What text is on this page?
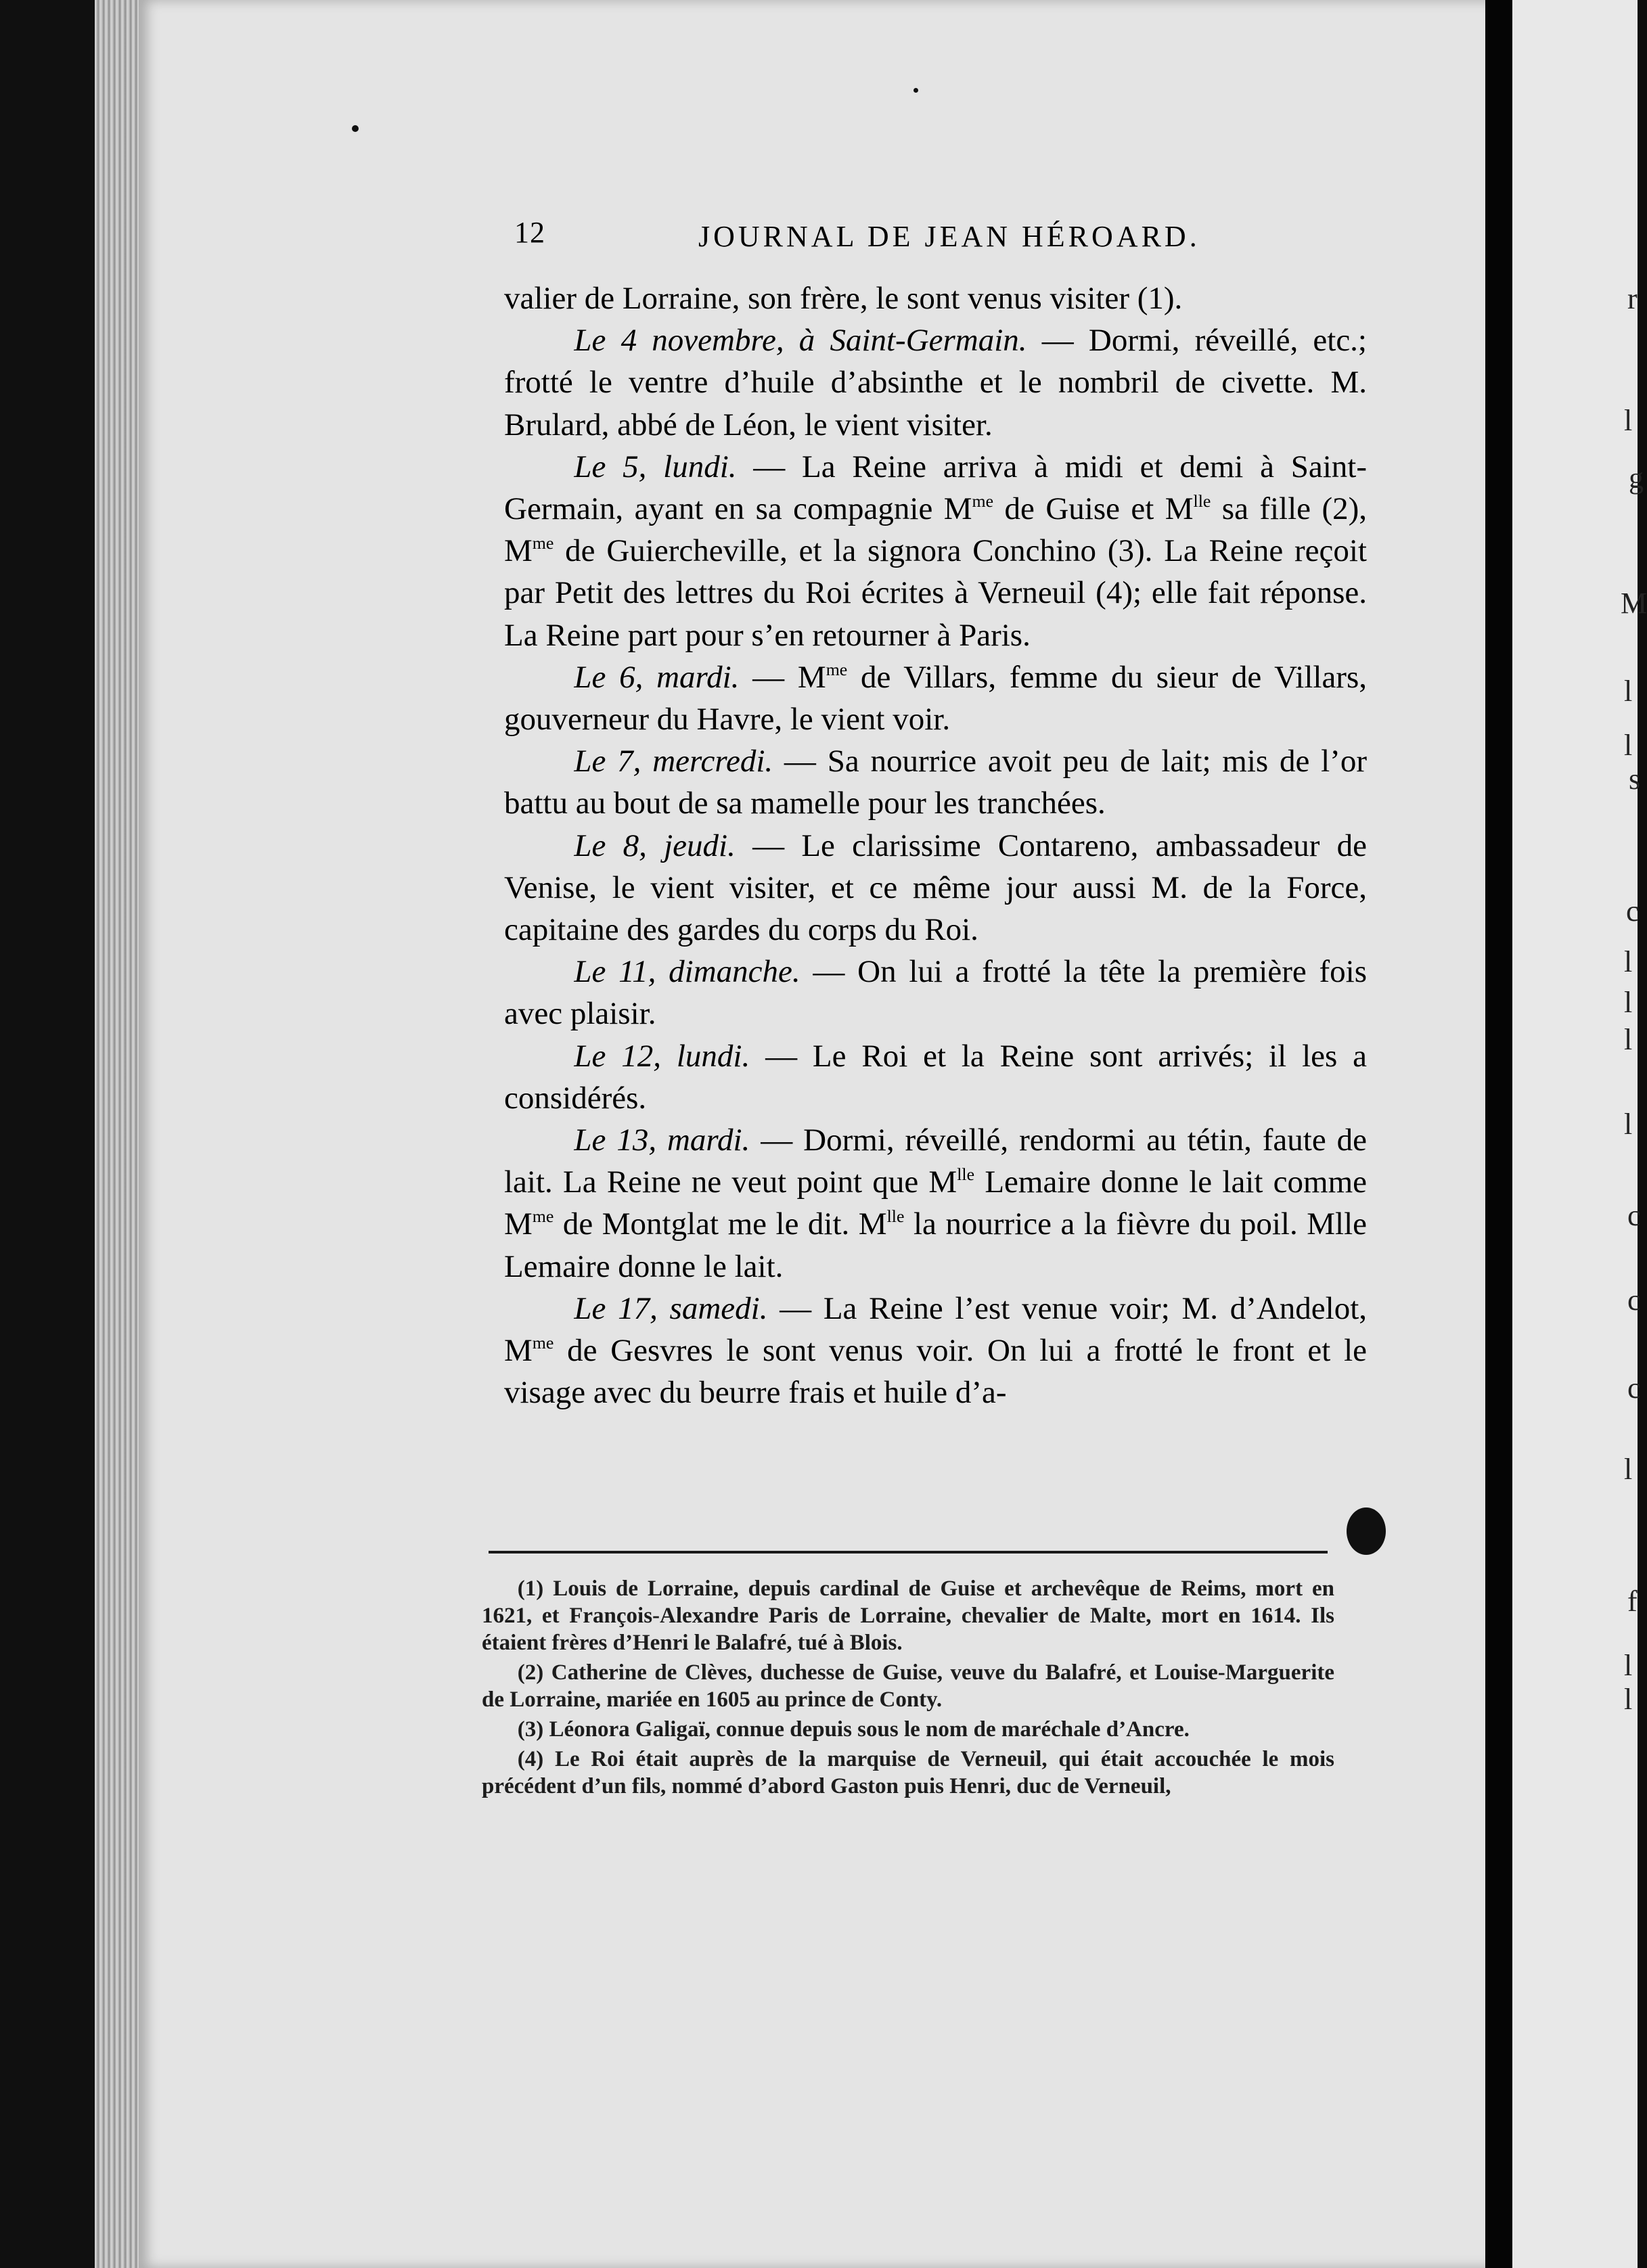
12	JOURNAL DE JEAN HÉROARD.

valier de Lorraine, son frère, le sont venus visiter (1).

Le 4 novembre, à Saint-Germain. — Dormi, réveillé, etc.; frotté le ventre d’huile d’absinthe et le nombril de civette. M. Brulard, abbé de Léon, le vient visiter.

Le 5, lundi. — La Reine arriva à midi et demi à Saint-Germain, ayant en sa compagnie $M^{me}$ de Guise et $M^{lle}$ sa fille (2), $M^{me}$ de Guiercheville, et la signora Conchino (3). La Reine reçoit par Petit des lettres du Roi écrites à Verneuil (4); elle fait réponse. La Reine part pour s’en retourner à Paris.

Le 6, mardi. — $M^{me}$ de Villars, femme du sieur de Villars, gouverneur du Havre, le vient voir.

Le 7, mercredi. — Sa nourrice avoit peu de lait; mis de l’or battu au bout de sa mamelle pour les tranchées.

Le 8, jeudi. — Le clarissime Contareno, ambassadeur de Venise, le vient visiter, et ce même jour aussi M. de la Force, capitaine des gardes du corps du Roi.

Le 11, dimanche. — On lui a frotté la tête la première fois avec plaisir.

Le 12, lundi. — Le Roi et la Reine sont arrivés; il les a considérés.

Le 13, mardi. — Dormi, réveillé, rendormi au tétin, faute de lait. La Reine ne veut point que $M^{lle}$ Lemaire donne le lait comme $M^{me}$ de Montglat me le dit. $M^{lle}$ la nourrice a la fièvre du poil. Mlle Lemaire donne le lait.

Le 17, samedi. — La Reine l’est venue voir; M. d’Andelot, $M^{me}$ de Gesvres le sont venus voir. On lui a frotté le front et le visage avec du beurre frais et huile d’a-

(1) Louis de Lorraine, depuis cardinal de Guise et archevêque de Reims, mort en 1621, et François-Alexandre Paris de Lorraine, chevalier de Malte, mort en 1614. Ils étaient frères d’Henri le Balafré, tué à Blois.

(2) Catherine de Clèves, duchesse de Guise, veuve du Balafré, et Louise-Marguerite de Lorraine, mariée en 1605 au prince de Conty.

(3) Léonora Galigaï, connue depuis sous le nom de maréchale d’Ancre.

(4) Le Roi était auprès de la marquise de Verneuil, qui était accouchée le mois précédent d’un fils, nommé d’abord Gaston puis Henri, duc de Verneuil,

r
l
g
M
l
l
s
c
l
l
l
l
c
c
c
l
f
l
l
